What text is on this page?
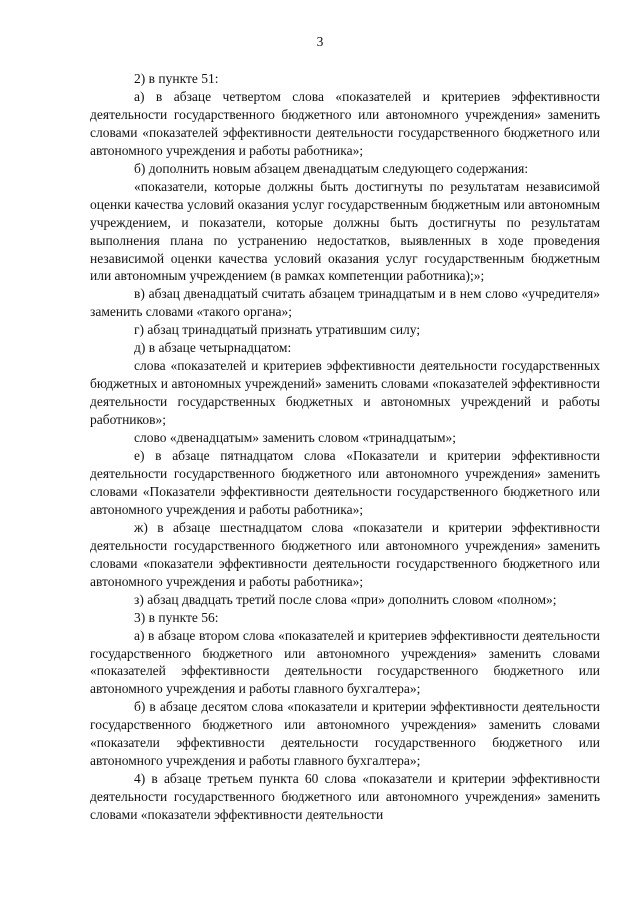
3

2) в пункте 51:

а) в абзаце четвертом слова «показателей и критериев эффективности деятельности государственного бюджетного или автономного учреждения» заменить словами «показателей эффективности деятельности государственного бюджетного или автономного учреждения и работы работника»;

б) дополнить новым абзацем двенадцатым следующего содержания:

«показатели, которые должны быть достигнуты по результатам независимой оценки качества условий оказания услуг государственным бюджетным или автономным учреждением, и показатели, которые должны быть достигнуты по результатам выполнения плана по устранению недостатков, выявленных в ходе проведения независимой оценки качества условий оказания услуг государственным бюджетным или автономным учреждением (в рамках компетенции работника);»;

в) абзац двенадцатый считать абзацем тринадцатым и в нем слово «учредителя» заменить словами «такого органа»;

г) абзац тринадцатый признать утратившим силу;

д) в абзаце четырнадцатом:

слова «показателей и критериев эффективности деятельности государственных бюджетных и автономных учреждений» заменить словами «показателей эффективности деятельности государственных бюджетных и автономных учреждений и работы работников»;

слово «двенадцатым» заменить словом «тринадцатым»;

е) в абзаце пятнадцатом слова «Показатели и критерии эффективности деятельности государственного бюджетного или автономного учреждения» заменить словами «Показатели эффективности деятельности государственного бюджетного или автономного учреждения и работы работника»;

ж) в абзаце шестнадцатом слова «показатели и критерии эффективности деятельности государственного бюджетного или автономного учреждения» заменить словами «показатели эффективности деятельности государственного бюджетного или автономного учреждения и работы работника»;

з) абзац двадцать третий после слова «при» дополнить словом «полном»;

3) в пункте 56:

а) в абзаце втором слова «показателей и критериев эффективности деятельности государственного бюджетного или автономного учреждения» заменить словами «показателей эффективности деятельности государственного бюджетного или автономного учреждения и работы главного бухгалтера»;

б) в абзаце десятом слова «показатели и критерии эффективности деятельности государственного бюджетного или автономного учреждения» заменить словами «показатели эффективности деятельности государственного бюджетного или автономного учреждения и работы главного бухгалтера»;

4) в абзаце третьем пункта 60 слова «показатели и критерии эффективности деятельности государственного бюджетного или автономного учреждения» заменить словами «показатели эффективности деятельности
